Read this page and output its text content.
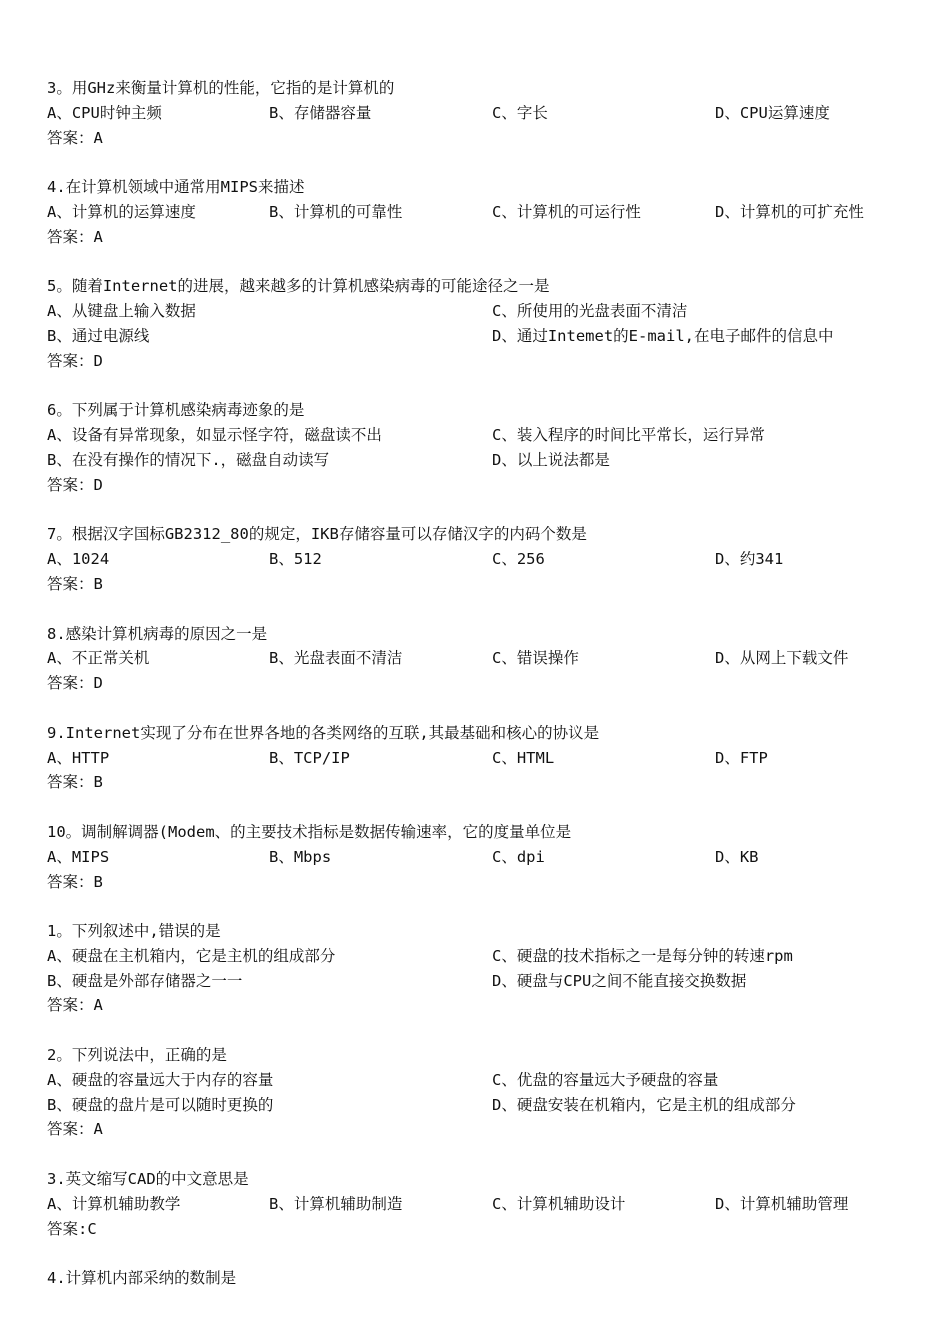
3。用GHz来衡量计算机的性能，它指的是计算机的
A、CPU时钟主频	B、存储器容量	C、字长	D、CPU运算速度
答案：A
4.在计算机领域中通常用MIPS来描述
A、计算机的运算速度	B、计算机的可靠性	C、计算机的可运行性	D、计算机的可扩充性
答案：A
5。随着Internet的进展，越来越多的计算机感染病毒的可能途径之一是
A、从键盘上输入数据	C、所使用的光盘表面不清洁
B、通过电源线	D、通过Intemet的E-mail,在电子邮件的信息中
答案：D
6。下列属于计算机感染病毒迹象的是
A、设备有异常现象，如显示怪字符，磁盘读不出	C、装入程序的时间比平常长，运行异常
B、在没有操作的情况下.，磁盘自动读写	D、以上说法都是
答案：D
7。根据汉字国标GB2312_80的规定，IKB存储容量可以存储汉字的内码个数是
A、1024	B、512	C、256	D、约341
答案：B
8.感染计算机病毒的原因之一是
A、不正常关机	B、光盘表面不清洁	C、错误操作	D、从网上下载文件
答案：D
9.Internet实现了分布在世界各地的各类网络的互联,其最基础和核心的协议是
A、HTTP	B、TCP/IP	C、HTML	D、FTP
答案：B
10。调制解调器(Modem、的主要技术指标是数据传输速率，它的度量单位是
A、MIPS	B、Mbps	C、dpi	D、KB
答案：B
1。下列叙述中,错误的是
A、硬盘在主机箱内，它是主机的组成部分	C、硬盘的技术指标之一是每分钟的转速rpm
B、硬盘是外部存储器之一一	D、硬盘与CPU之间不能直接交换数据
答案：A
2。下列说法中，正确的是
A、硬盘的容量远大于内存的容量	C、优盘的容量远大予硬盘的容量
B、硬盘的盘片是可以随时更换的	D、硬盘安装在机箱内，它是主机的组成部分
答案：A
3.英文缩写CAD的中文意思是
A、计算机辅助教学	B、计算机辅助制造	C、计算机辅助设计	D、计算机辅助管理
答案:C
4.计算机内部采纳的数制是
